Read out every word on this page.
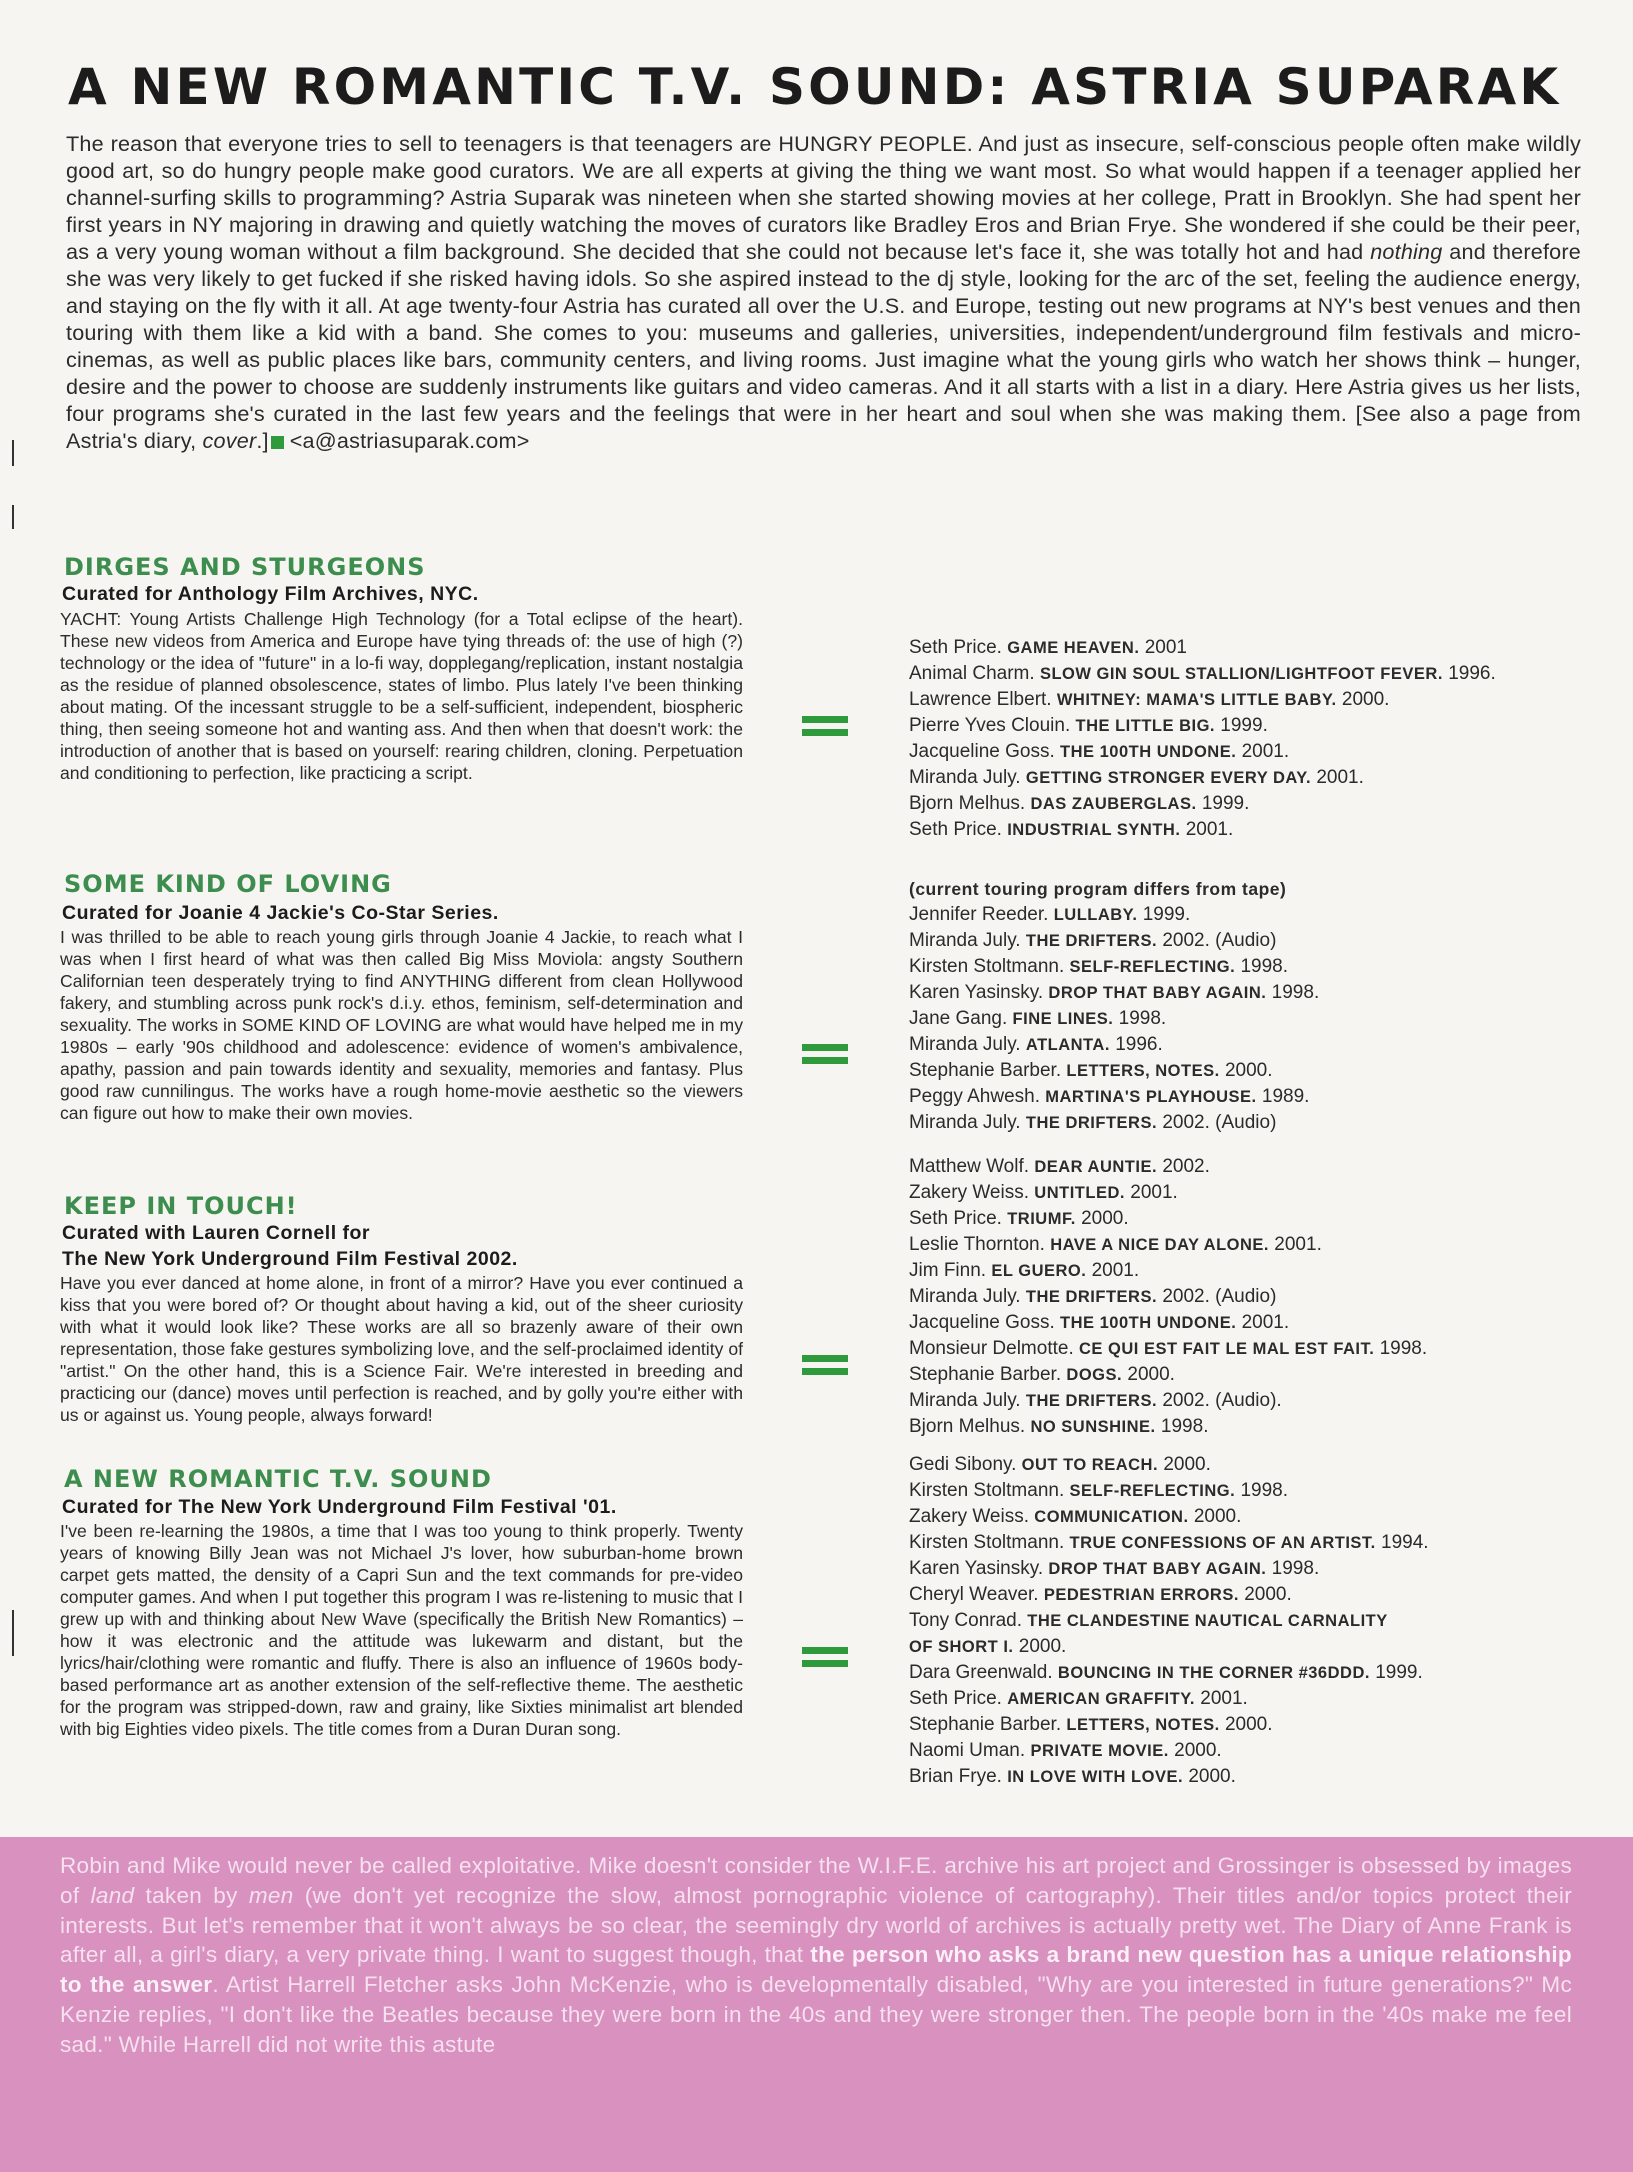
A NEW ROMANTIC T.V. SOUND: ASTRIA SUPARAK
The reason that everyone tries to sell to teenagers is that teenagers are HUNGRY PEOPLE. And just as insecure, self-conscious people often make wildly good art, so do hungry people make good curators. We are all experts at giving the thing we want most. So what would happen if a teenager applied her channel-surfing skills to programming? Astria Suparak was nineteen when she started showing movies at her college, Pratt in Brooklyn. She had spent her first years in NY majoring in drawing and quietly watching the moves of curators like Bradley Eros and Brian Frye. She wondered if she could be their peer, as a very young woman without a film background. She decided that she could not because let's face it, she was totally hot and had nothing and therefore she was very likely to get fucked if she risked having idols. So she aspired instead to the dj style, looking for the arc of the set, feeling the audience energy, and staying on the fly with it all. At age twenty-four Astria has curated all over the U.S. and Europe, testing out new programs at NY's best venues and then touring with them like a kid with a band. She comes to you: museums and galleries, universities, independent/underground film festivals and micro-cinemas, as well as public places like bars, community centers, and living rooms. Just imagine what the young girls who watch her shows think – hunger, desire and the power to choose are suddenly instruments like guitars and video cameras. And it all starts with a list in a diary. Here Astria gives us her lists, four programs she's curated in the last few years and the feelings that were in her heart and soul when she was making them. [See also a page from Astria's diary, cover.] <a@astriasuparak.com>
DIRGES AND STURGEONS
Curated for Anthology Film Archives, NYC.
YACHT: Young Artists Challenge High Technology (for a Total eclipse of the heart). These new videos from America and Europe have tying threads of: the use of high (?) technology or the idea of "future" in a lo-fi way, dopplegang/replication, instant nostalgia as the residue of planned obsolescence, states of limbo. Plus lately I've been thinking about mating. Of the incessant struggle to be a self-sufficient, independent, biospheric thing, then seeing someone hot and wanting ass. And then when that doesn't work: the introduction of another that is based on yourself: rearing children, cloning. Perpetuation and conditioning to perfection, like practicing a script.
Seth Price. GAME HEAVEN. 2001
Animal Charm. SLOW GIN SOUL STALLION/LIGHTFOOT FEVER. 1996.
Lawrence Elbert. WHITNEY: MAMA'S LITTLE BABY. 2000.
Pierre Yves Clouin. THE LITTLE BIG. 1999.
Jacqueline Goss. THE 100TH UNDONE. 2001.
Miranda July. GETTING STRONGER EVERY DAY. 2001.
Bjorn Melhus. DAS ZAUBERGLAS. 1999.
Seth Price. INDUSTRIAL SYNTH. 2001.
SOME KIND OF LOVING
Curated for Joanie 4 Jackie's Co-Star Series.
I was thrilled to be able to reach young girls through Joanie 4 Jackie, to reach what I was when I first heard of what was then called Big Miss Moviola: angsty Southern Californian teen desperately trying to find ANYTHING different from clean Hollywood fakery, and stumbling across punk rock's d.i.y. ethos, feminism, self-determination and sexuality. The works in SOME KIND OF LOVING are what would have helped me in my 1980s – early '90s childhood and adolescence: evidence of women's ambivalence, apathy, passion and pain towards identity and sexuality, memories and fantasy. Plus good raw cunnilingus. The works have a rough home-movie aesthetic so the viewers can figure out how to make their own movies.
(current touring program differs from tape)
Jennifer Reeder. LULLABY. 1999.
Miranda July. THE DRIFTERS. 2002. (Audio)
Kirsten Stoltmann. SELF-REFLECTING. 1998.
Karen Yasinsky. DROP THAT BABY AGAIN. 1998.
Jane Gang. FINE LINES. 1998.
Miranda July. ATLANTA. 1996.
Stephanie Barber. LETTERS, NOTES. 2000.
Peggy Ahwesh. MARTINA'S PLAYHOUSE. 1989.
Miranda July. THE DRIFTERS. 2002. (Audio)
KEEP IN TOUCH!
Curated with Lauren Cornell for
The New York Underground Film Festival 2002.
Have you ever danced at home alone, in front of a mirror? Have you ever continued a kiss that you were bored of? Or thought about having a kid, out of the sheer curiosity with what it would look like? These works are all so brazenly aware of their own representation, those fake gestures symbolizing love, and the self-proclaimed identity of "artist." On the other hand, this is a Science Fair. We're interested in breeding and practicing our (dance) moves until perfection is reached, and by golly you're either with us or against us. Young people, always forward!
Matthew Wolf. DEAR AUNTIE. 2002.
Zakery Weiss. UNTITLED. 2001.
Seth Price. TRIUMF. 2000.
Leslie Thornton. HAVE A NICE DAY ALONE. 2001.
Jim Finn. EL GUERO. 2001.
Miranda July. THE DRIFTERS. 2002. (Audio)
Jacqueline Goss. THE 100TH UNDONE. 2001.
Monsieur Delmotte. CE QUI EST FAIT LE MAL EST FAIT. 1998.
Stephanie Barber. DOGS. 2000.
Miranda July. THE DRIFTERS. 2002. (Audio).
Bjorn Melhus. NO SUNSHINE. 1998.
A NEW ROMANTIC T.V. SOUND
Curated for The New York Underground Film Festival '01.
I've been re-learning the 1980s, a time that I was too young to think properly. Twenty years of knowing Billy Jean was not Michael J's lover, how suburban-home brown carpet gets matted, the density of a Capri Sun and the text commands for pre-video computer games. And when I put together this program I was re-listening to music that I grew up with and thinking about New Wave (specifically the British New Romantics) – how it was electronic and the attitude was lukewarm and distant, but the lyrics/hair/clothing were romantic and fluffy. There is also an influence of 1960s body-based performance art as another extension of the self-reflective theme. The aesthetic for the program was stripped-down, raw and grainy, like Sixties minimalist art blended with big Eighties video pixels. The title comes from a Duran Duran song.
Gedi Sibony. OUT TO REACH. 2000.
Kirsten Stoltmann. SELF-REFLECTING. 1998.
Zakery Weiss. COMMUNICATION. 2000.
Kirsten Stoltmann. TRUE CONFESSIONS OF AN ARTIST. 1994.
Karen Yasinsky. DROP THAT BABY AGAIN. 1998.
Cheryl Weaver. PEDESTRIAN ERRORS. 2000.
Tony Conrad. THE CLANDESTINE NAUTICAL CARNALITY
OF SHORT I. 2000.
Dara Greenwald. BOUNCING IN THE CORNER #36DDD. 1999.
Seth Price. AMERICAN GRAFFITY. 2001.
Stephanie Barber. LETTERS, NOTES. 2000.
Naomi Uman. PRIVATE MOVIE. 2000.
Brian Frye. IN LOVE WITH LOVE. 2000.
Robin and Mike would never be called exploitative. Mike doesn't consider the W.I.F.E. archive his art project and Grossinger is obsessed by images of land taken by men (we don't yet recognize the slow, almost pornographic violence of cartography). Their titles and/or topics protect their interests. But let's remember that it won't always be so clear, the seemingly dry world of archives is actually pretty wet. The Diary of Anne Frank is after all, a girl's diary, a very private thing. I want to suggest though, that the person who asks a brand new question has a unique relationship to the answer. Artist Harrell Fletcher asks John McKenzie, who is developmentally disabled, "Why are you interested in future generations?" Mc Kenzie replies, "I don't like the Beatles because they were born in the 40s and they were stronger then. The people born in the '40s make me feel sad." While Harrell did not write this astute
